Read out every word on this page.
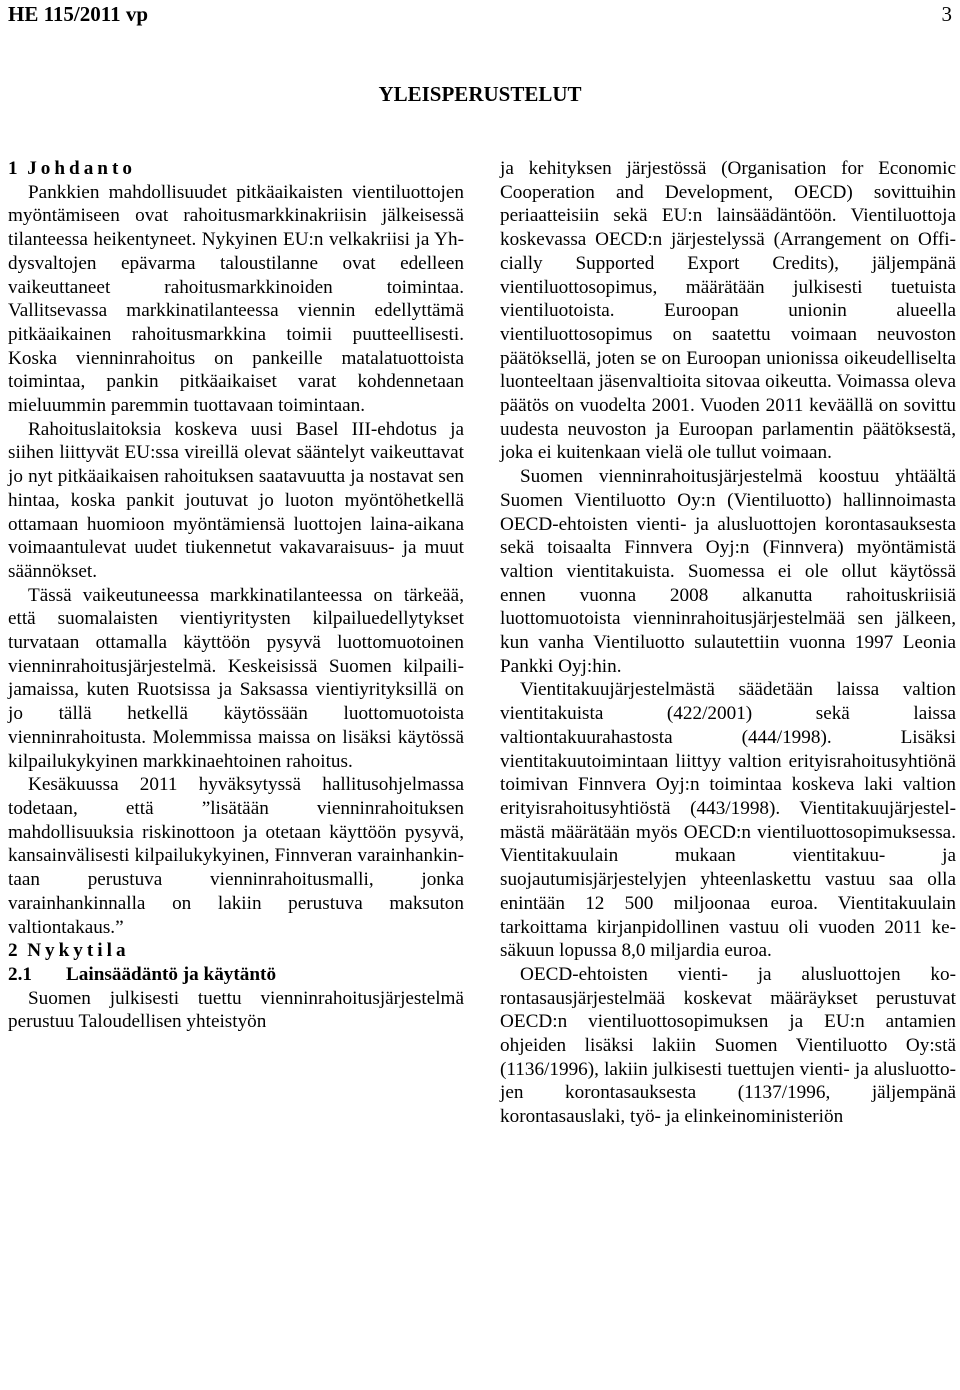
HE 115/2011 vp	3
YLEISPERUSTELUT

1 Johdanto

Pankkien mahdollisuudet pitkäaikaisten vientiluottojen myöntämiseen ovat rahoitusmarkkinakriisin jälkeisessä tilanteessa heikentyneet. Nykyinen EU:n velkakriisi ja Yhdysvaltojen epävarma taloustilanne ovat edelleen vaikeuttaneet rahoitusmarkkinoiden toimintaa. Vallitsevassa markkinatilanteessa viennin edellyttämä pitkäaikainen rahoitusmarkkina toimii puutteellisesti. Koska vienninrahoitus on pankeille matalatuottoista toimintaa, pankin pitkäaikaiset varat kohdennetaan mieluummin paremmin tuottavaan toimintaan.

Rahoituslaitoksia koskeva uusi Basel III-ehdotus ja siihen liittyvät EU:ssa vireillä olevat sääntelyt vaikeuttavat jo nyt pitkäaikaisen rahoituksen saatavuutta ja nostavat sen hintaa, koska pankit joutuvat jo luoton myöntöhetkellä ottamaan huomioon myöntämiensä luottojen laina-aikana voimaantulevat uudet tiukennetut vakavaraisuus- ja muut säännökset.

Tässä vaikeutuneessa markkinatilanteessa on tärkeää, että suomalaisten vientiyritysten kilpailuedellytykset turvataan ottamalla käyttöön pysyvä luottomuotoinen vienninrahoitusjärjestelmä. Keskeisissä Suomen kilpailijamaissa, kuten Ruotsissa ja Saksassa vientiyrityksillä on jo tällä hetkellä käytössään luottomuotoista vienninrahoitusta. Molemmissa maissa on lisäksi käytössä kilpailukykyinen markkinaehtoinen rahoitus.

Kesäkuussa 2011 hyväksytyssä hallitusohjelmassa todetaan, että ”lisätään vienninrahoituksen mahdollisuuksia riskinottoon ja otetaan käyttöön pysyvä, kansainvälisesti kilpailukykyinen, Finnveran varainhankintaan perustuva vienninrahoitusmalli, jonka varainhankinnalla on lakiin perustuva maksuton valtiontakaus.”

2 Nykytila

2.1 Lainsäädäntö ja käytäntö

Suomen julkisesti tuettu vienninrahoitusjärjestelmä perustuu Taloudellisen yhteistyön

ja kehityksen järjestössä (Organisation for Economic Cooperation and Development, OECD) sovittuihin periaatteisiin sekä EU:n lainsäädäntöön. Vientiluottoja koskevassa OECD:n järjestelyssä (Arrangement on Officially Supported Export Credits), jäljempänä vientiluottosopimus, määrätään julkisesti tuetuista vientiluotoista. Euroopan unionin alueella vientiluottosopimus on saatettu voimaan neuvoston päätöksellä, joten se on Euroopan unionissa oikeudelliselta luonteeltaan jäsenvaltioita sitovaa oikeutta. Voimassa oleva päätös on vuodelta 2001. Vuoden 2011 keväällä on sovittu uudesta neuvoston ja Euroopan parlamentin päätöksestä, joka ei kuitenkaan vielä ole tullut voimaan.

Suomen vienninrahoitusjärjestelmä koostuu yhtäältä Suomen Vientiluotto Oy:n (Vientiluotto) hallinnoimasta OECD-ehtoisten vienti- ja alusluottojen korontasauksesta sekä toisaalta Finnvera Oyj:n (Finnvera) myöntämistä valtion vientitakuista. Suomessa ei ole ollut käytössä ennen vuonna 2008 alkanutta rahoituskriisiä luottomuotoista vienninrahoitusjärjestelmää sen jälkeen, kun vanha Vientiluotto sulautettiin vuonna 1997 Leonia Pankki Oyj:hin.

Vientitakuujärjestelmästä säädetään laissa valtion vientitakuista (422/2001) sekä laissa valtiontakuurahastosta (444/1998). Lisäksi vientitakuutoimintaan liittyy valtion erityisrahoitusyhtiönä toimivan Finnvera Oyj:n toimintaa koskeva laki valtion erityisrahoitusyhtiöstä (443/1998). Vientitakuujärjestelmästä määrätään myös OECD:n vientiluottosopimuksessa. Vientitakuulain mukaan vientitakuu- ja suojautumisjärjestelyjen yhteenlaskettu vastuu saa olla enintään 12 500 miljoonaa euroa. Vientitakuulain tarkoittama kirjanpidollinen vastuu oli vuoden 2011 kesäkuun lopussa 8,0 miljardia euroa.

OECD-ehtoisten vienti- ja alusluottojen korontasausjärjestelmää koskevat määräykset perustuvat OECD:n vientiluottosopimuksen ja EU:n antamien ohjeiden lisäksi lakiin Suomen Vientiluotto Oy:stä (1136/1996), lakiin julkisesti tuettujen vienti- ja alusluottojen korontasauksesta (1137/1996, jäljempänä korontasauslaki, työ- ja elinkeinoministeriön
